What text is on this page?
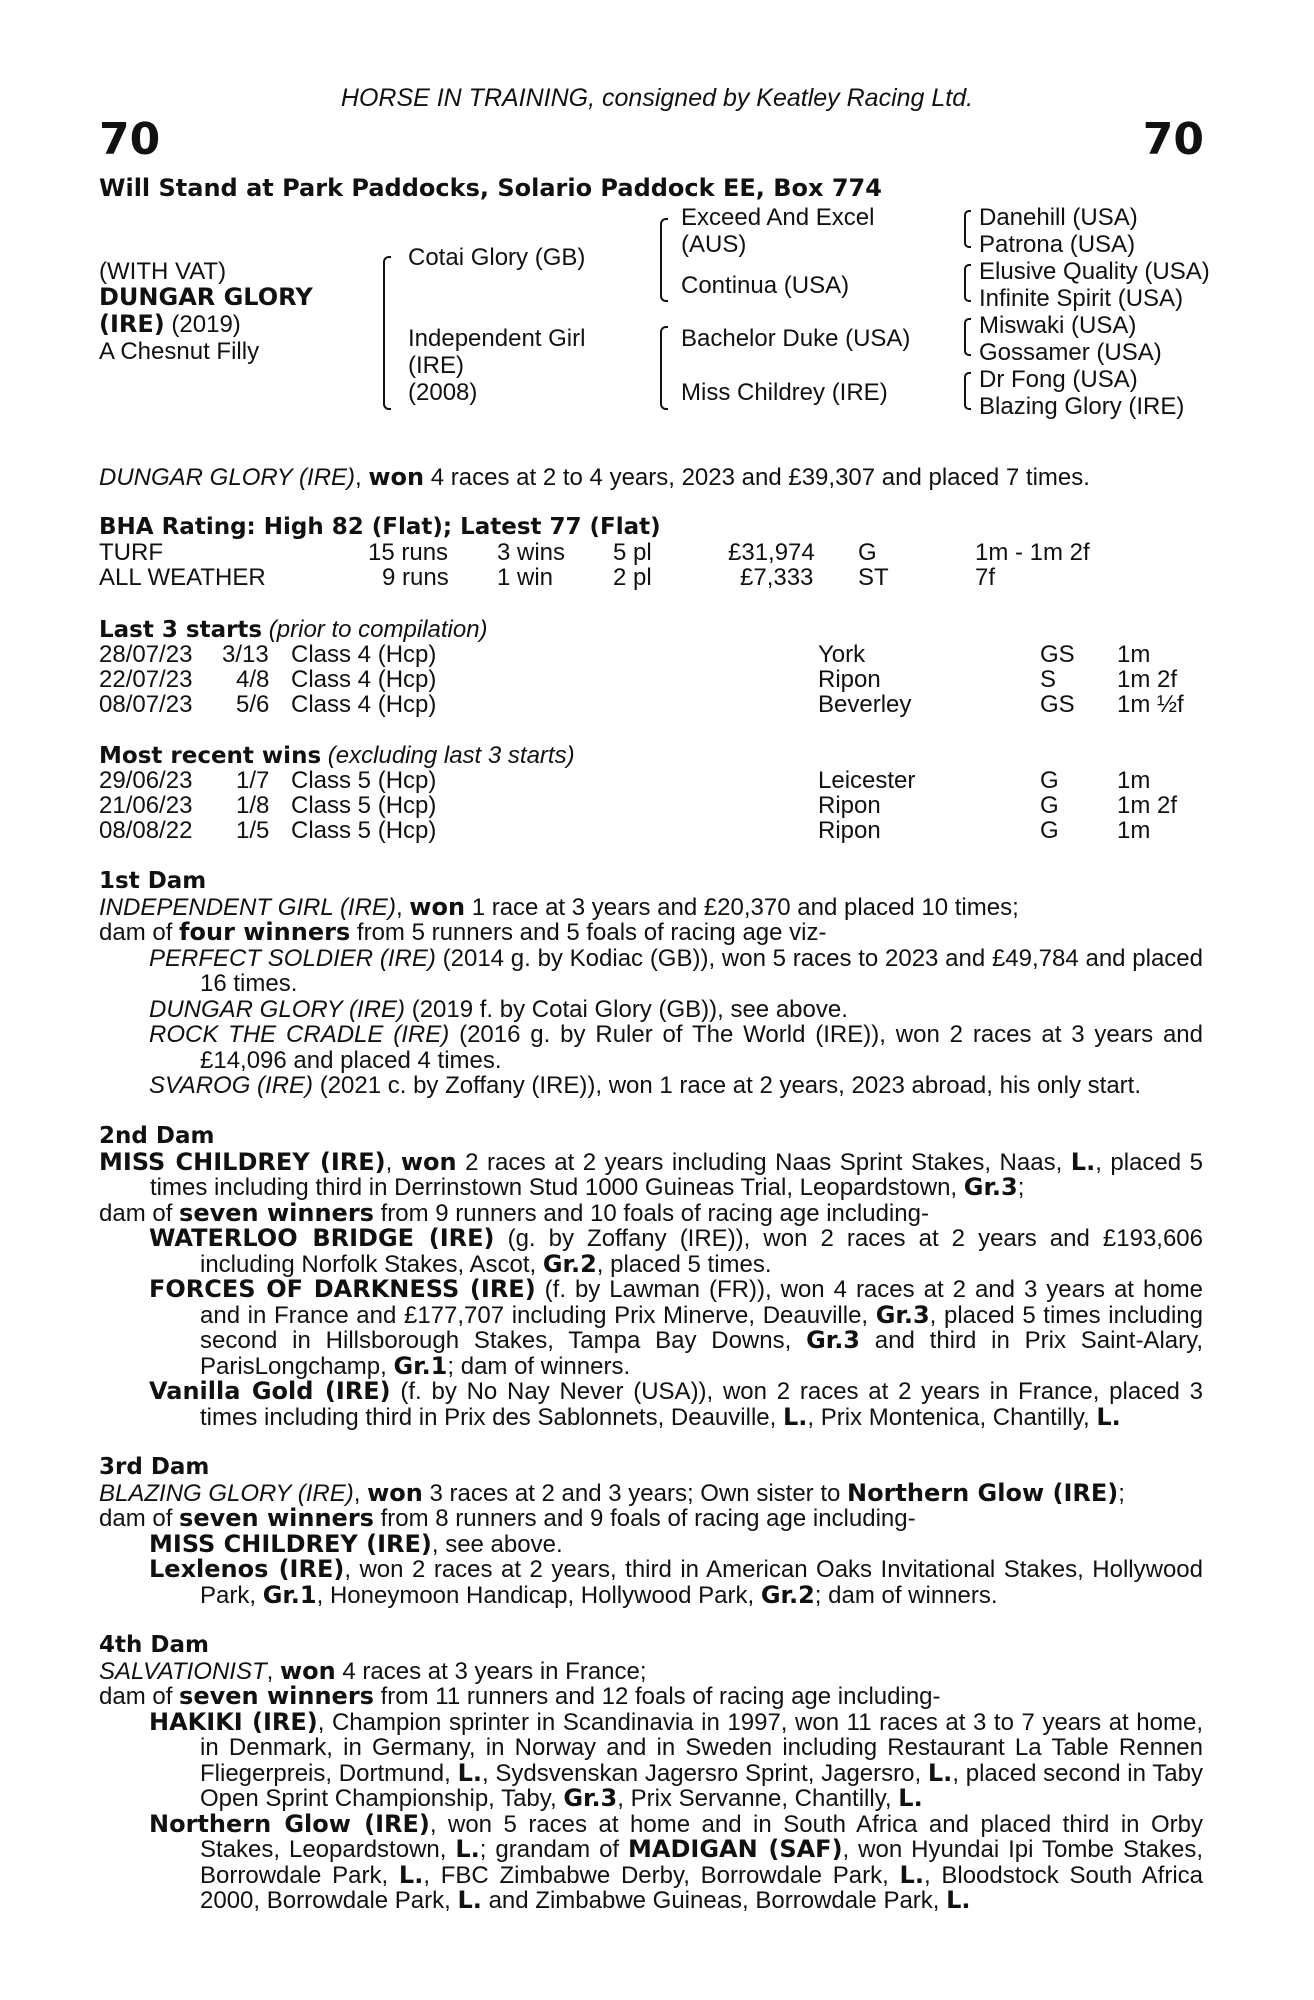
HORSE IN TRAINING, consigned by Keatley Racing Ltd.
70	70
Will Stand at Park Paddocks, Solario Paddock EE, Box 774
(WITH VAT)
DUNGAR GLORY
(IRE) (2019)
A Chesnut Filly
Cotai Glory (GB)
Independent Girl
(IRE)
(2008)
Exceed And Excel
(AUS)
Continua (USA)
Bachelor Duke (USA)
Miss Childrey (IRE)
Danehill (USA)
Patrona (USA)
Elusive Quality (USA)
Infinite Spirit (USA)
Miswaki (USA)
Gossamer (USA)
Dr Fong (USA)
Blazing Glory (IRE)
DUNGAR GLORY (IRE), won 4 races at 2 to 4 years, 2023 and £39,307 and placed 7 times.
BHA Rating: High 82 (Flat); Latest 77 (Flat)
TURF	15 runs 3 wins 5 pl	£31,974 G	1m - 1m 2f
ALL WEATHER	9 runs 1 win 2 pl	£7,333 ST	7f
Last 3 starts (prior to compilation)
28/07/23 3/13 Class 4 (Hcp)	York	GS 1m
22/07/23 4/8 Class 4 (Hcp)	Ripon	S	1m 2f
08/07/23 5/6 Class 4 (Hcp)	Beverley	GS 1m ½f
Most recent wins (excluding last 3 starts)
29/06/23 1/7 Class 5 (Hcp)	Leicester	G 1m
21/06/23 1/8 Class 5 (Hcp)	Ripon	G 1m 2f
08/08/22 1/5 Class 5 (Hcp)	Ripon	G 1m

1st Dam

INDEPENDENT GIRL (IRE), won 1 race at 3 years and £20,370 and placed 10 times;

dam of four winners from 5 runners and 5 foals of racing age viz-

PERFECT SOLDIER (IRE) (2014 g. by Kodiac (GB)), won 5 races to 2023 and £49,784 and placed 16 times.

DUNGAR GLORY (IRE) (2019 f. by Cotai Glory (GB)), see above.

ROCK THE CRADLE (IRE) (2016 g. by Ruler of The World (IRE)), won 2 races at 3 years and £14,096 and placed 4 times.

SVAROG (IRE) (2021 c. by Zoffany (IRE)), won 1 race at 2 years, 2023 abroad, his only start.

2nd Dam

MISS CHILDREY (IRE), won 2 races at 2 years including Naas Sprint Stakes, Naas, L., placed 5 times including third in Derrinstown Stud 1000 Guineas Trial, Leopardstown, Gr.3;

dam of seven winners from 9 runners and 10 foals of racing age including-

WATERLOO BRIDGE (IRE) (g. by Zoffany (IRE)), won 2 races at 2 years and £193,606 including Norfolk Stakes, Ascot, Gr.2, placed 5 times.

FORCES OF DARKNESS (IRE) (f. by Lawman (FR)), won 4 races at 2 and 3 years at home and in France and £177,707 including Prix Minerve, Deauville, Gr.3, placed 5 times including second in Hillsborough Stakes, Tampa Bay Downs, Gr.3 and third in Prix Saint-Alary, ParisLongchamp, Gr.1; dam of winners.

Vanilla Gold (IRE) (f. by No Nay Never (USA)), won 2 races at 2 years in France, placed 3 times including third in Prix des Sablonnets, Deauville, L., Prix Montenica, Chantilly, L.

3rd Dam

BLAZING GLORY (IRE), won 3 races at 2 and 3 years; Own sister to Northern Glow (IRE);

dam of seven winners from 8 runners and 9 foals of racing age including-

MISS CHILDREY (IRE), see above.

Lexlenos (IRE), won 2 races at 2 years, third in American Oaks Invitational Stakes, Hollywood Park, Gr.1, Honeymoon Handicap, Hollywood Park, Gr.2; dam of winners.

4th Dam

SALVATIONIST, won 4 races at 3 years in France;

dam of seven winners from 11 runners and 12 foals of racing age including-

HAKIKI (IRE), Champion sprinter in Scandinavia in 1997, won 11 races at 3 to 7 years at home, in Denmark, in Germany, in Norway and in Sweden including Restaurant La Table Rennen Fliegerpreis, Dortmund, L., Sydsvenskan Jagersro Sprint, Jagersro, L., placed second in Taby Open Sprint Championship, Taby, Gr.3, Prix Servanne, Chantilly, L.

Northern Glow (IRE), won 5 races at home and in South Africa and placed third in Orby Stakes, Leopardstown, L.; grandam of MADIGAN (SAF), won Hyundai Ipi Tombe Stakes, Borrowdale Park, L., FBC Zimbabwe Derby, Borrowdale Park, L., Bloodstock South Africa 2000, Borrowdale Park, L. and Zimbabwe Guineas, Borrowdale Park, L.
